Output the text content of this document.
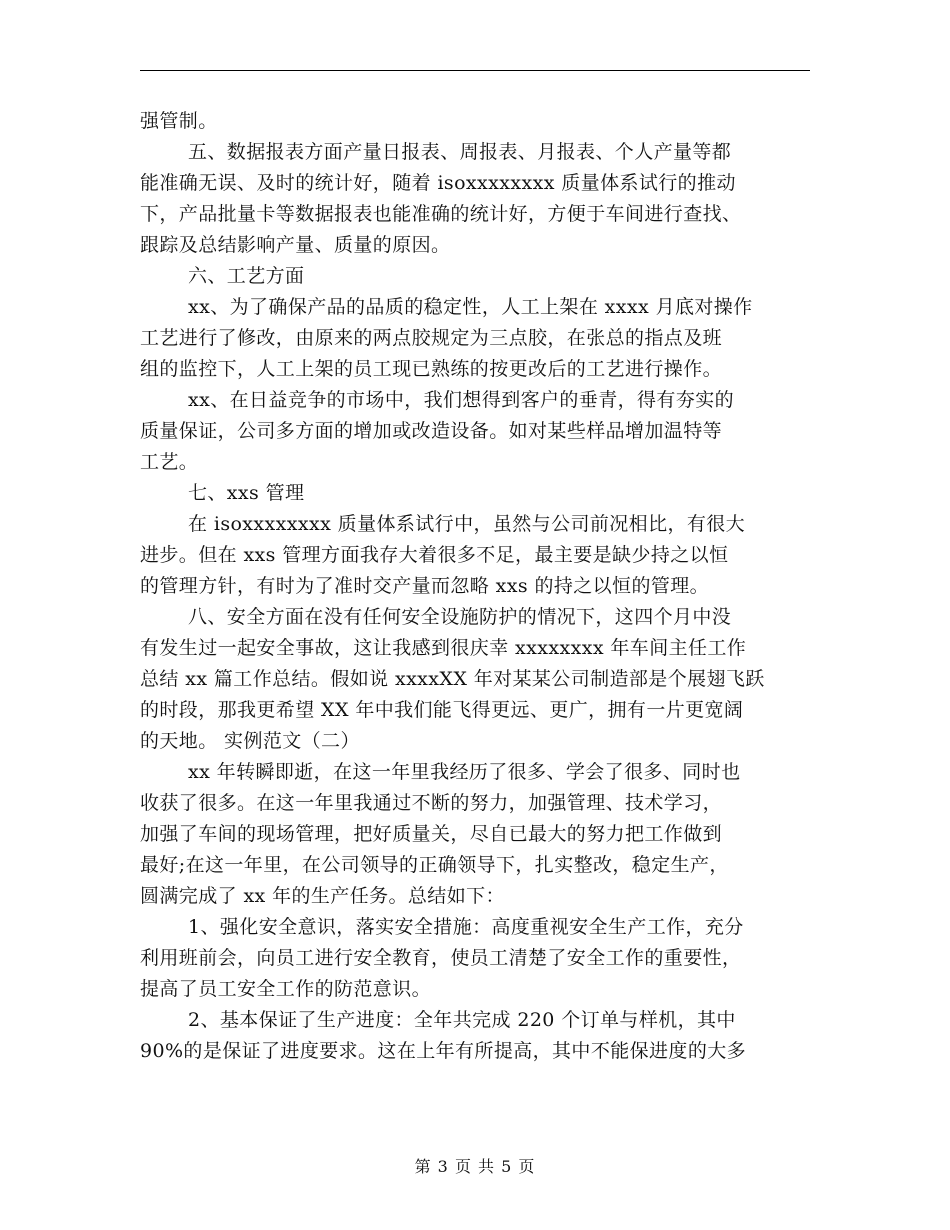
强管制。
五、数据报表方面产量日报表、周报表、月报表、个人产量等都
能准确无误、及时的统计好，随着 isoxxxxxxxx 质量体系试行的推动
下，产品批量卡等数据报表也能准确的统计好，方便于车间进行查找、
跟踪及总结影响产量、质量的原因。
六、工艺方面
xx、为了确保产品的品质的稳定性，人工上架在 xxxx 月底对操作
工艺进行了修改，由原来的两点胶规定为三点胶，在张总的指点及班
组的监控下，人工上架的员工现已熟练的按更改后的工艺进行操作。
xx、在日益竞争的市场中，我们想得到客户的垂青，得有夯实的
质量保证，公司多方面的增加或改造设备。如对某些样品增加温特等
工艺。
七、xxs 管理
在 isoxxxxxxxx 质量体系试行中，虽然与公司前况相比，有很大
进步。但在 xxs 管理方面我存大着很多不足，最主要是缺少持之以恒
的管理方针，有时为了准时交产量而忽略 xxs 的持之以恒的管理。
八、安全方面在没有任何安全设施防护的情况下，这四个月中没
有发生过一起安全事故，这让我感到很庆幸 xxxxxxxx 年车间主任工作
总结 xx 篇工作总结。假如说 xxxxXX 年对某某公司制造部是个展翅飞跃
的时段，那我更希望 XX 年中我们能飞得更远、更广，拥有一片更宽阔
的天地。 实例范文（二）
xx 年转瞬即逝，在这一年里我经历了很多、学会了很多、同时也
收获了很多。在这一年里我通过不断的努力，加强管理、技术学习，
加强了车间的现场管理，把好质量关，尽自已最大的努力把工作做到
最好;在这一年里，在公司领导的正确领导下，扎实整改，稳定生产，
圆满完成了 xx 年的生产任务。总结如下：
1、强化安全意识，落实安全措施：高度重视安全生产工作，充分
利用班前会，向员工进行安全教育，使员工清楚了安全工作的重要性，
提高了员工安全工作的防范意识。
2、基本保证了生产进度：全年共完成 220 个订单与样机，其中
90%的是保证了进度要求。这在上年有所提高，其中不能保进度的大多
第 3 页 共 5 页
